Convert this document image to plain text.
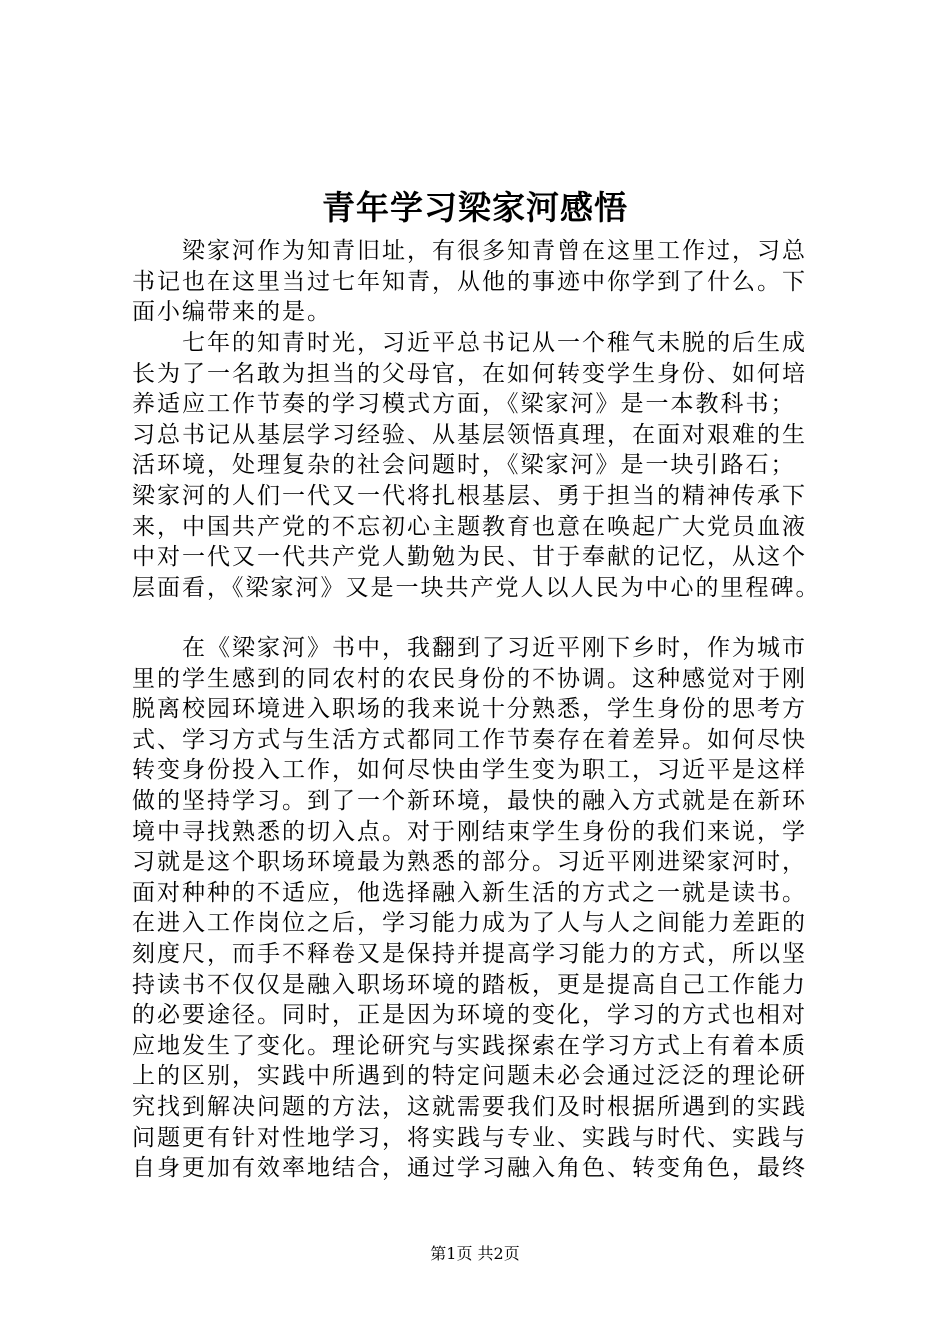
青年学习梁家河感悟
梁家河作为知青旧址，有很多知青曾在这里工作过，习总
书记也在这里当过七年知青，从他的事迹中你学到了什么。下
面小编带来的是。
七年的知青时光，习近平总书记从一个稚气未脱的后生成
长为了一名敢为担当的父母官，在如何转变学生身份、如何培
养适应工作节奏的学习模式方面，《梁家河》是一本教科书；
习总书记从基层学习经验、从基层领悟真理，在面对艰难的生
活环境，处理复杂的社会问题时，《梁家河》是一块引路石；
梁家河的人们一代又一代将扎根基层、勇于担当的精神传承下
来，中国共产党的不忘初心主题教育也意在唤起广大党员血液
中对一代又一代共产党人勤勉为民、甘于奉献的记忆，从这个
层面看，《梁家河》又是一块共产党人以人民为中心的里程碑。
在《梁家河》书中，我翻到了习近平刚下乡时，作为城市
里的学生感到的同农村的农民身份的不协调。这种感觉对于刚
脱离校园环境进入职场的我来说十分熟悉，学生身份的思考方
式、学习方式与生活方式都同工作节奏存在着差异。如何尽快
转变身份投入工作，如何尽快由学生变为职工，习近平是这样
做的坚持学习。到了一个新环境，最快的融入方式就是在新环
境中寻找熟悉的切入点。对于刚结束学生身份的我们来说，学
习就是这个职场环境最为熟悉的部分。习近平刚进梁家河时，
面对种种的不适应，他选择融入新生活的方式之一就是读书。
在进入工作岗位之后，学习能力成为了人与人之间能力差距的
刻度尺，而手不释卷又是保持并提高学习能力的方式，所以坚
持读书不仅仅是融入职场环境的踏板，更是提高自己工作能力
的必要途径。同时，正是因为环境的变化，学习的方式也相对
应地发生了变化。理论研究与实践探索在学习方式上有着本质
上的区别，实践中所遇到的特定问题未必会通过泛泛的理论研
究找到解决问题的方法，这就需要我们及时根据所遇到的实践
问题更有针对性地学习，将实践与专业、实践与时代、实践与
自身更加有效率地结合，通过学习融入角色、转变角色，最终
第1页 共2页
